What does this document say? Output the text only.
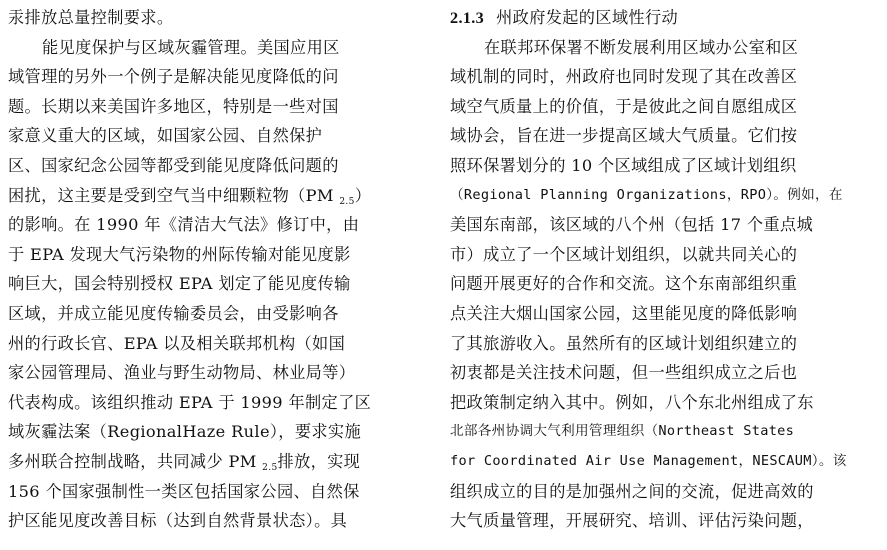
汞排放总量控制要求。
能见度保护与区域灰霾管理。美国应用区
域管理的另外一个例子是解决能见度降低的问
题。长期以来美国许多地区，特别是一些对国
家意义重大的区域，如国家公园、自然保护
区、国家纪念公园等都受到能见度降低问题的
困扰，这主要是受到空气当中细颗粒物（PM $_{2.5}$）
的影响。在 1990 年《清洁大气法》修订中，由
于 EPA 发现大气污染物的州际传输对能见度影
响巨大，国会特别授权 EPA 划定了能见度传输
区域，并成立能见度传输委员会，由受影响各
州的行政长官、EPA 以及相关联邦机构（如国
家公园管理局、渔业与野生动物局、林业局等）
代表构成。该组织推动 EPA 于 1999 年制定了区
域灰霾法案（RegionalHaze Rule），要求实施
多州联合控制战略，共同减少 PM $_{2.5}$排放，实现
156 个国家强制性一类区包括国家公园、自然保
护区能见度改善目标（达到自然背景状态）。具
2.1.3 州政府发起的区域性行动
在联邦环保署不断发展利用区域办公室和区
域机制的同时，州政府也同时发现了其在改善区
域空气质量上的价值，于是彼此之间自愿组成区
域协会，旨在进一步提高区域大气质量。它们按
照环保署划分的 10 个区域组成了区域计划组织
（Regional Planning Organizations，RPO）。例如，在
美国东南部，该区域的八个州（包括 17 个重点城
市）成立了一个区域计划组织，以就共同关心的
问题开展更好的合作和交流。这个东南部组织重
点关注大烟山国家公园，这里能见度的降低影响
了其旅游收入。虽然所有的区域计划组织建立的
初衷都是关注技术问题，但一些组织成立之后也
把政策制定纳入其中。例如，八个东北州组成了东
北部各州协调大气利用管理组织（Northeast States
for Coordinated Air Use Management，NESCAUM）。该
组织成立的目的是加强州之间的交流，促进高效的
大气质量管理，开展研究、培训、评估污染问题，
